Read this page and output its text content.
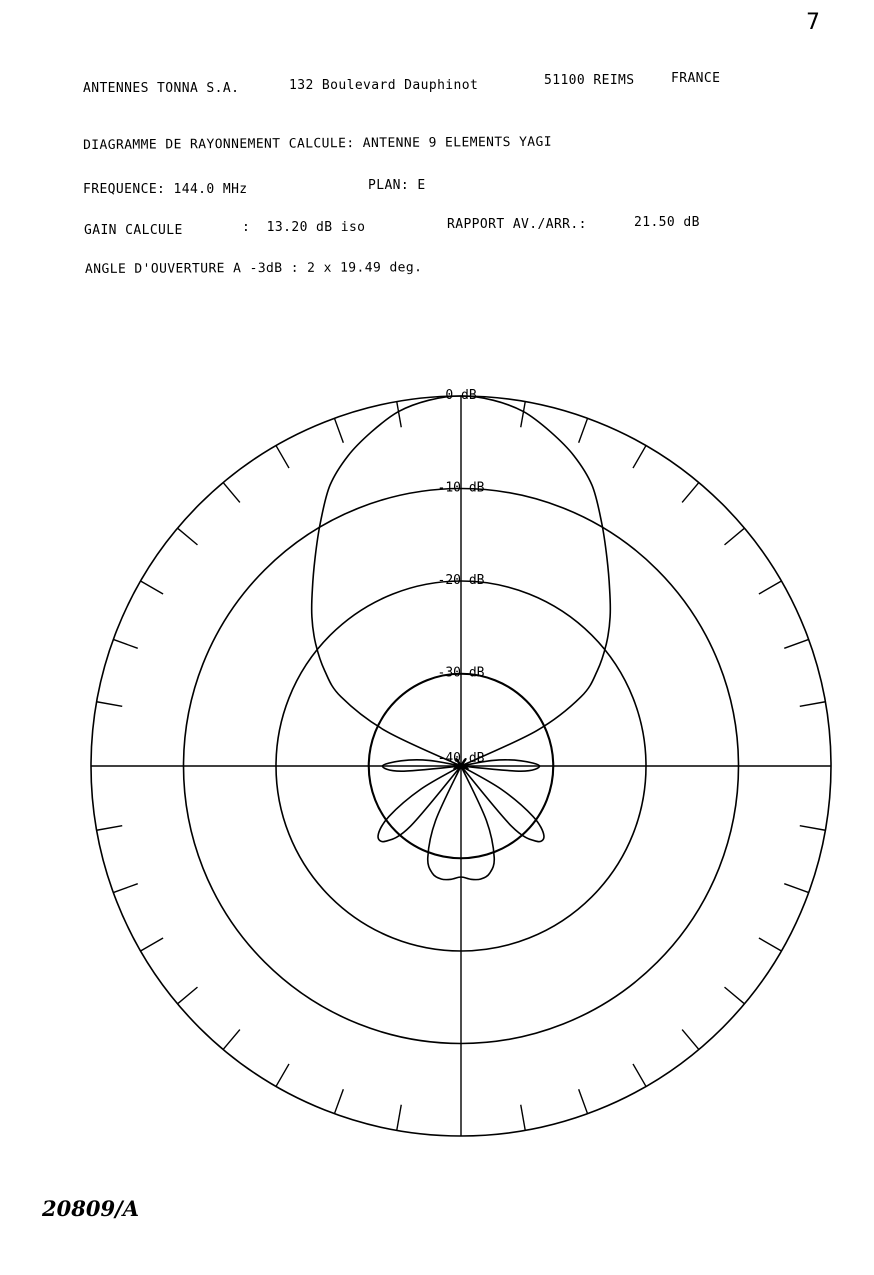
7
ANTENNES TONNA S.A.	132 Boulevard Dauphinot	51100 REIMS	FRANCE
DIAGRAMME DE RAYONNEMENT CALCULE: ANTENNE 9 ELEMENTS YAGI
FREQUENCE: 144.0 MHz	PLAN: E
GAIN CALCULE	:  13.20 dB iso	RAPPORT AV./ARR.:	21.50 dB
ANGLE D'OUVERTURE A -3dB : 2 x 19.49 deg.
0 dB
-10 dB
-20 dB
-30 dB
-40 dB
20809/A
